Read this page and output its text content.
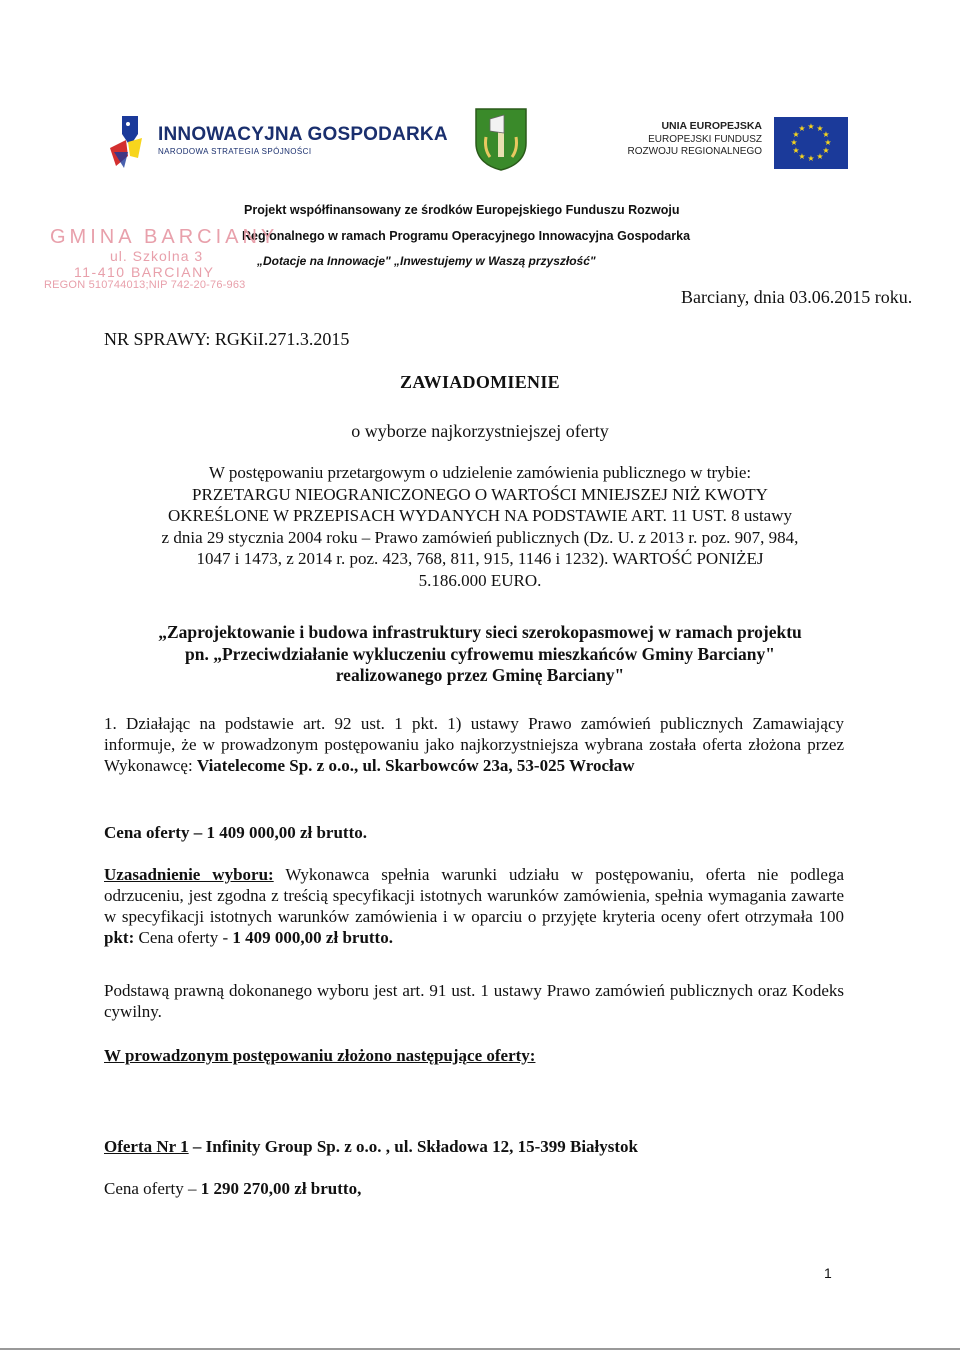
INNOWACYJNA GOSPODARKA
NARODOWA STRATEGIA SPÓJNOŚCI
UNIA EUROPEJSKA
EUROPEJSKI FUNDUSZ
ROZWOJU REGIONALNEGO
★ ★
★
★
★
★
★
★
★
★
★
★
Projekt współfinansowany ze środków Europejskiego Funduszu Rozwoju
Regionalnego w ramach Programu Operacyjnego Innowacyjna Gospodarka
„Dotacje na Innowacje" „Inwestujemy w Waszą przyszłość"
GMINA BARCIANY
ul. Szkolna 3
11-410 BARCIANY
REGON 510744013;NIP 742-20-76-963
Barciany, dnia 03.06.2015 roku.
NR SPRAWY: RGKiI.271.3.2015
ZAWIADOMIENIE
o wyborze najkorzystniejszej oferty
W postępowaniu przetargowym o udzielenie zamówienia publicznego w trybie:
PRZETARGU NIEOGRANICZONEGO O WARTOŚCI MNIEJSZEJ NIŻ KWOTY
OKREŚLONE W PRZEPISACH WYDANYCH NA PODSTAWIE ART. 11 UST. 8 ustawy
z dnia 29 stycznia 2004 roku – Prawo zamówień publicznych (Dz. U. z 2013 r. poz. 907, 984,
1047 i 1473, z 2014 r. poz. 423, 768, 811, 915, 1146 i 1232). WARTOŚĆ PONIŻEJ
5.186.000 EURO.
„Zaprojektowanie i budowa infrastruktury sieci szerokopasmowej w ramach projektu
pn. „Przeciwdziałanie wykluczeniu cyfrowemu mieszkańców Gminy Barciany"
realizowanego przez Gminę Barciany"
1. Działając na podstawie art. 92 ust. 1 pkt. 1) ustawy Prawo zamówień publicznych Zamawiający informuje, że w prowadzonym postępowaniu jako najkorzystniejsza wybrana została oferta złożona przez Wykonawcę: Viatelecome Sp. z o.o., ul. Skarbowców 23a, 53-025 Wrocław
Cena oferty – 1 409 000,00 zł brutto.
Uzasadnienie wyboru: Wykonawca spełnia warunki udziału w postępowaniu, oferta nie podlega odrzuceniu, jest zgodna z treścią specyfikacji istotnych warunków zamówienia, spełnia wymagania zawarte w specyfikacji istotnych warunków zamówienia i w oparciu o przyjęte kryteria oceny ofert otrzymała 100 pkt: Cena oferty - 1 409 000,00 zł brutto.
Podstawą prawną dokonanego wyboru jest art. 91 ust. 1 ustawy Prawo zamówień publicznych oraz Kodeks cywilny.
W prowadzonym postępowaniu złożono następujące oferty:
Oferta Nr 1 – Infinity Group Sp. z o.o. , ul. Składowa 12, 15-399 Białystok
Cena oferty – 1 290 270,00 zł brutto,
1
